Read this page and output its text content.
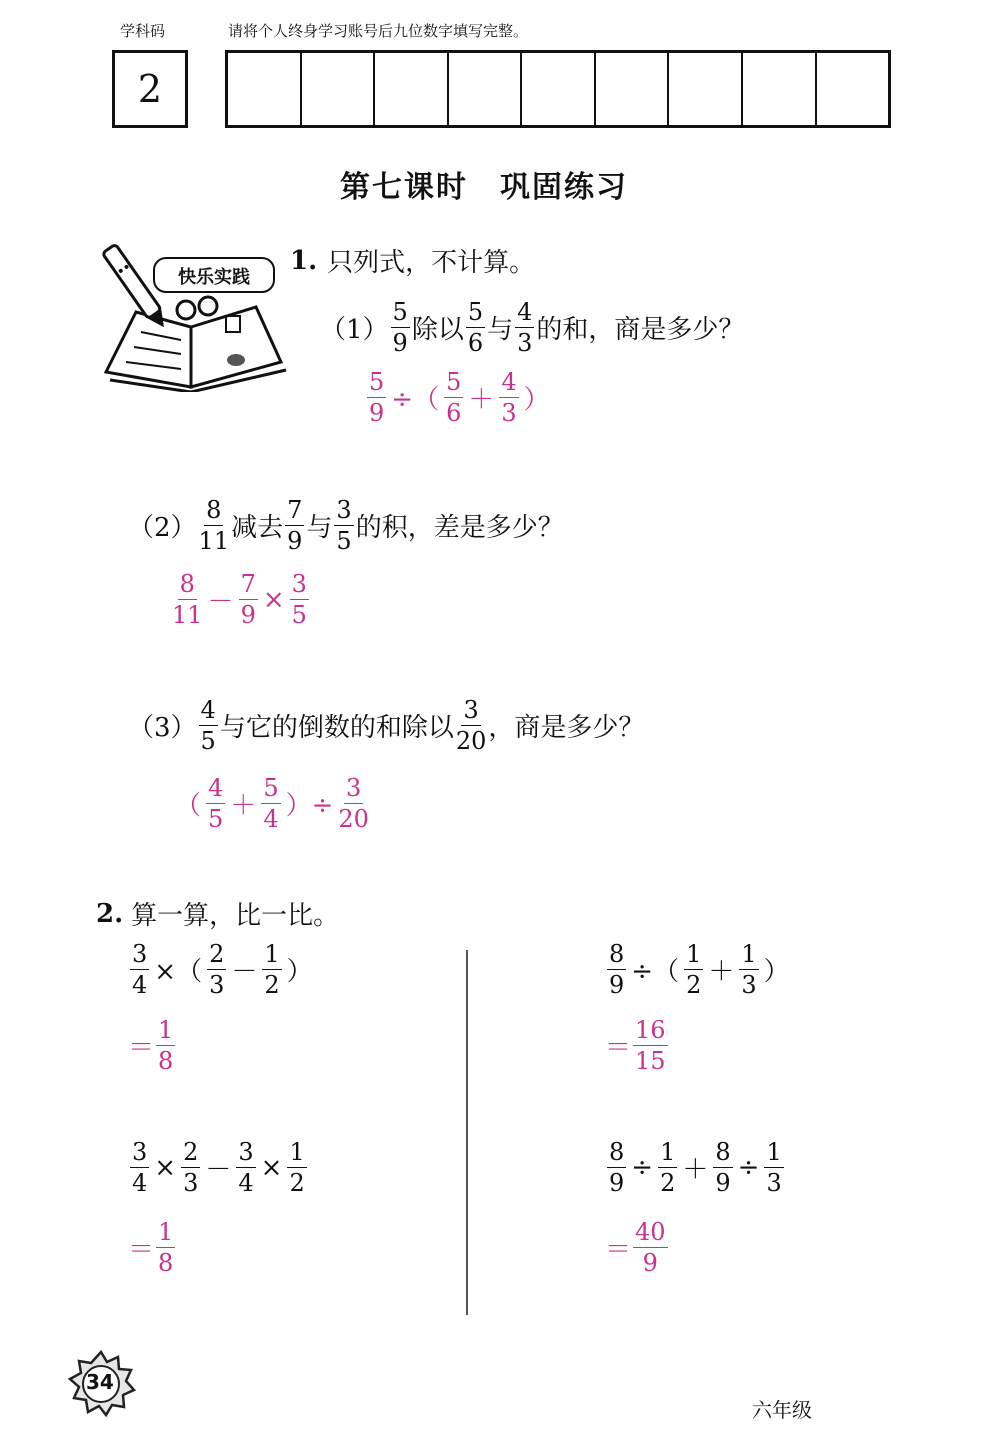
学科码	请将个人终身学习账号后九位数字填写完整。
2
第七课时　巩固练习
快乐实践
1. 只列式，不计算。
$(1) \frac{5}{9}$ 除以 $\frac{5}{6}$ 与 $\frac{4}{3}$ 的和，商是多少？
$\frac{5}{9}$ ÷（ $\frac{5}{6} + \frac{4}{3}$ ）
$(2) \frac{8}{11}$ 减去 $\frac{7}{9}$ 与 $\frac{3}{5}$ 的积，差是多少？
$\frac{8}{11} - \frac{7}{9} \times \frac{3}{5}$
$(3) \frac{4}{5}$ 与它的倒数的和除以 $\frac{3}{20}$ ，商是多少？
（ $\frac{4}{5} + \frac{5}{4}$ ）÷ $\frac{3}{20}$
2. 算一算，比一比。
$\frac{3}{4}$ ×（ $\frac{2}{3} - \frac{1}{2}$ ）
＝ $\frac{1}{8}$
$\frac{3}{4} \times \frac{2}{3} - \frac{3}{4} \times \frac{1}{2}$
＝ $\frac{1}{8}$
$\frac{8}{9}$ ÷（ $\frac{1}{2} + \frac{1}{3}$ ）
＝ $\frac{16}{15}$
$\frac{8}{9} \div \frac{1}{2} + \frac{8}{9} \div \frac{1}{3}$
＝ $\frac{40}{9}$
34
六年级
